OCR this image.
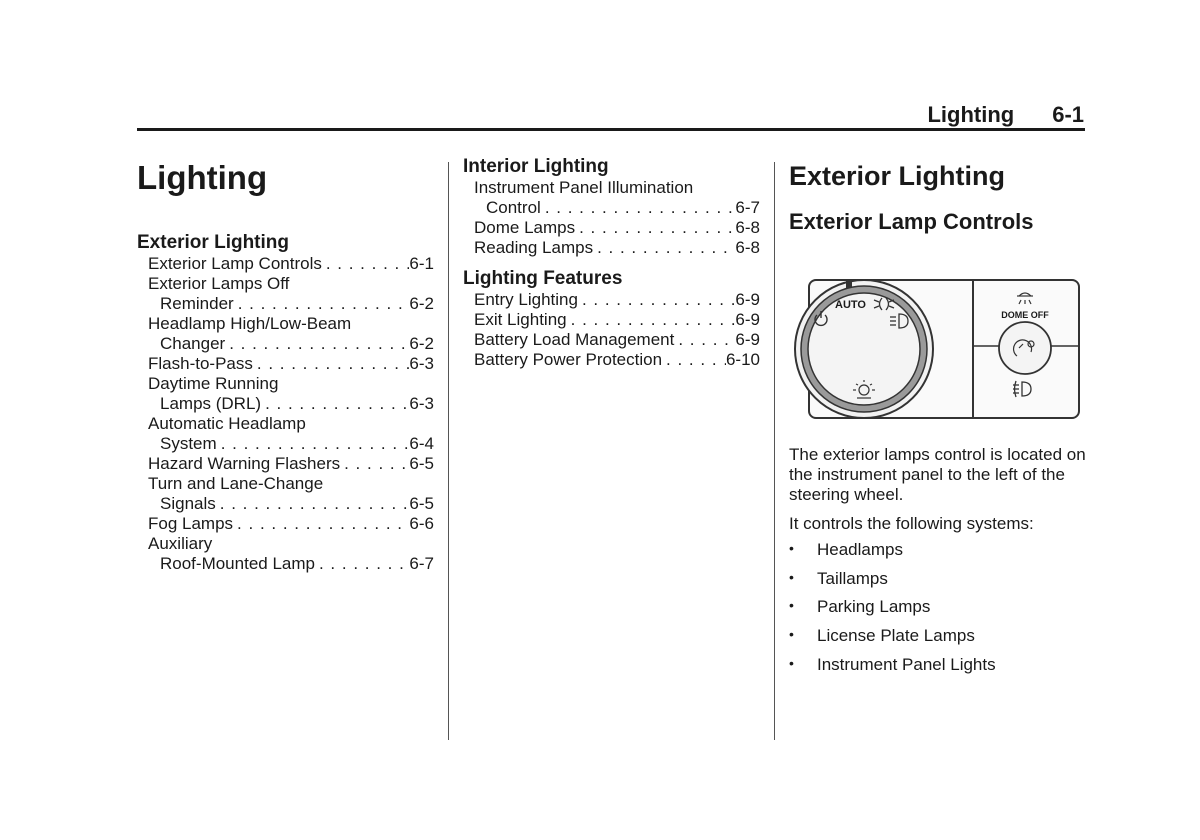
Lighting 6-1
Lighting
Exterior Lighting
Exterior Lamp Controls . . .	6-1
Exterior Lamps Off
Reminder . . .	6-2
Headlamp High/Low-Beam
Changer . . .	6-2
Flash-to-Pass . . .	6-3
Daytime Running
Lamps (DRL) . . .	6-3
Automatic Headlamp
System . . .	6-4
Hazard Warning Flashers . . .	6-5
Turn and Lane-Change
Signals . . .	6-5
Fog Lamps . . .	6-6
Auxiliary
Roof-Mounted Lamp . . .	6-7
Interior Lighting
Instrument Panel Illumination
Control . . .	6-7
Dome Lamps . . .	6-8
Reading Lamps . . .	6-8
Lighting Features
Entry Lighting . . .	6-9
Exit Lighting . . .	6-9
Battery Load Management . . .	6-9
Battery Power Protection . . .	6-10
Exterior Lighting
Exterior Lamp Controls
AUTO
DOME OFF

The exterior lamps control is located on the instrument panel to the left of the steering wheel.

It controls the following systems:

• Headlamps
• Taillamps
• Parking Lamps
• License Plate Lamps
• Instrument Panel Lights
